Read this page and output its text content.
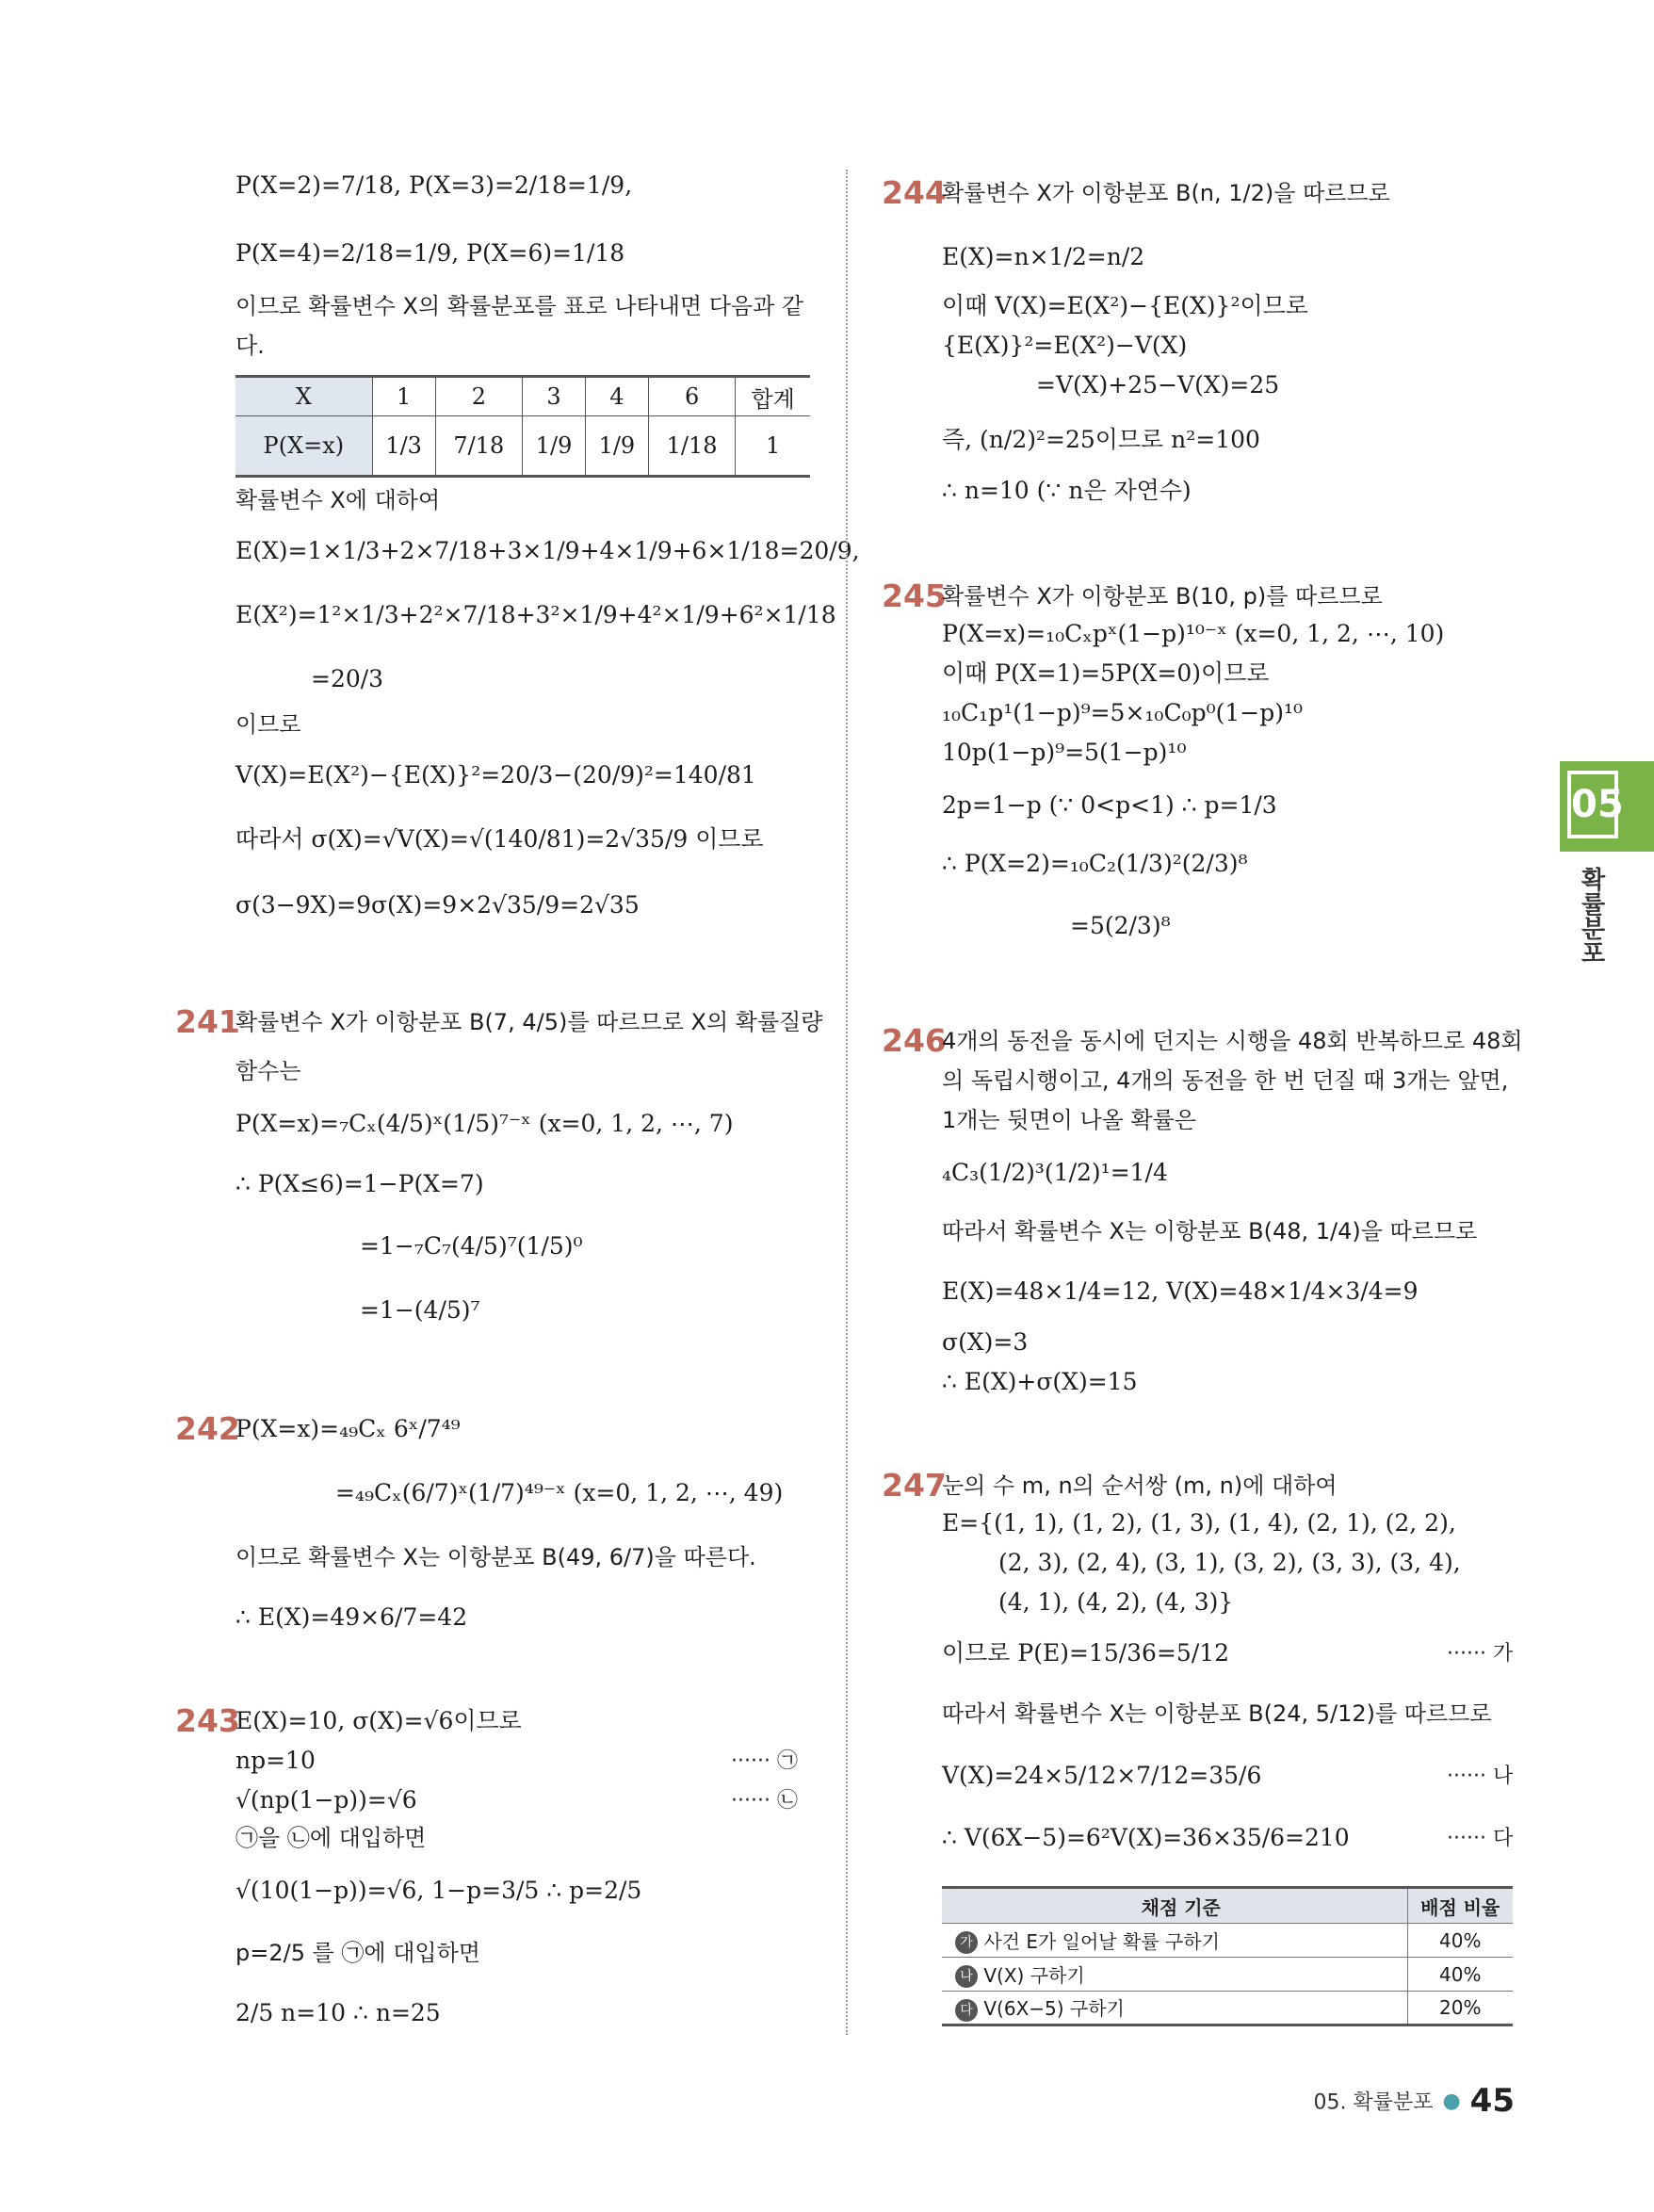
P(X=2)=7/18, P(X=3)=2/18=1/9,
P(X=4)=2/18=1/9, P(X=6)=1/18
이므로 확률변수 X의 확률분포를 표로 나타내면 다음과 같
다.
X	1	2	3	4	6	합계
P(X=x)	1/3	7/18	1/9	1/9	1/18	1
확률변수 X에 대하여
E(X)=1×1/3+2×7/18+3×1/9+4×1/9+6×1/18=20/9,
E(X²)=1²×1/3+2²×7/18+3²×1/9+4²×1/9+6²×1/18
=20/3
이므로
V(X)=E(X²)−{E(X)}²=20/3−(20/9)²=140/81
따라서 σ(X)=√V(X)=√(140/81)=2√35/9 이므로
σ(3−9X)=9σ(X)=9×2√35/9=2√35
241
확률변수 X가 이항분포 B(7, 4/5)를 따르므로 X의 확률질량
함수는
P(X=x)=₇Cₓ(4/5)ˣ(1/5)⁷⁻ˣ (x=0, 1, 2, ⋯, 7)
∴ P(X≤6)=1−P(X=7)
=1−₇C₇(4/5)⁷(1/5)⁰
=1−(4/5)⁷
242
P(X=x)=₄₉Cₓ 6ˣ/7⁴⁹
=₄₉Cₓ(6/7)ˣ(1/7)⁴⁹⁻ˣ (x=0, 1, 2, ⋯, 49)
이므로 확률변수 X는 이항분포 B(49, 6/7)을 따른다.
∴ E(X)=49×6/7=42
243
E(X)=10, σ(X)=√6이므로
np=10
√(np(1−p))=√6
㉠을 ㉡에 대입하면
√(10(1−p))=√6, 1−p=3/5 ∴ p=2/5
p=2/5 를 ㉠에 대입하면
2/5 n=10 ∴ n=25
······ ㉠
······ ㉡
244
확률변수 X가 이항분포 B(n, 1/2)을 따르므로
E(X)=n×1/2=n/2
이때 V(X)=E(X²)−{E(X)}²이므로
{E(X)}²=E(X²)−V(X)
=V(X)+25−V(X)=25
즉, (n/2)²=25이므로 n²=100
∴ n=10 (∵ n은 자연수)
245
확률변수 X가 이항분포 B(10, p)를 따르므로
P(X=x)=₁₀Cₓpˣ(1−p)¹⁰⁻ˣ (x=0, 1, 2, ⋯, 10)
이때 P(X=1)=5P(X=0)이므로
₁₀C₁p¹(1−p)⁹=5×₁₀C₀p⁰(1−p)¹⁰
10p(1−p)⁹=5(1−p)¹⁰
2p=1−p (∵ 0<p<1) ∴ p=1/3
∴ P(X=2)=₁₀C₂(1/3)²(2/3)⁸
=5(2/3)⁸
05
확률분포
246
4개의 동전을 동시에 던지는 시행을 48회 반복하므로 48회
의 독립시행이고, 4개의 동전을 한 번 던질 때 3개는 앞면,
1개는 뒷면이 나올 확률은
₄C₃(1/2)³(1/2)¹=1/4
따라서 확률변수 X는 이항분포 B(48, 1/4)을 따르므로
E(X)=48×1/4=12, V(X)=48×1/4×3/4=9
σ(X)=3
∴ E(X)+σ(X)=15
247
눈의 수 m, n의 순서쌍 (m, n)에 대하여
E={(1, 1), (1, 2), (1, 3), (1, 4), (2, 1), (2, 2),
(2, 3), (2, 4), (3, 1), (3, 2), (3, 3), (3, 4),
(4, 1), (4, 2), (4, 3)}
이므로 P(E)=15/36=5/12
따라서 확률변수 X는 이항분포 B(24, 5/12)를 따르므로
V(X)=24×5/12×7/12=35/6
∴ V(6X−5)=6²V(X)=36×35/6=210
······ 가
······ 나
······ 다
채점 기준	배점 비율
가 사건 E가 일어날 확률 구하기	40%
나 V(X) 구하기	40%
다 V(6X−5) 구하기	20%
05. 확률분포 ● 45
